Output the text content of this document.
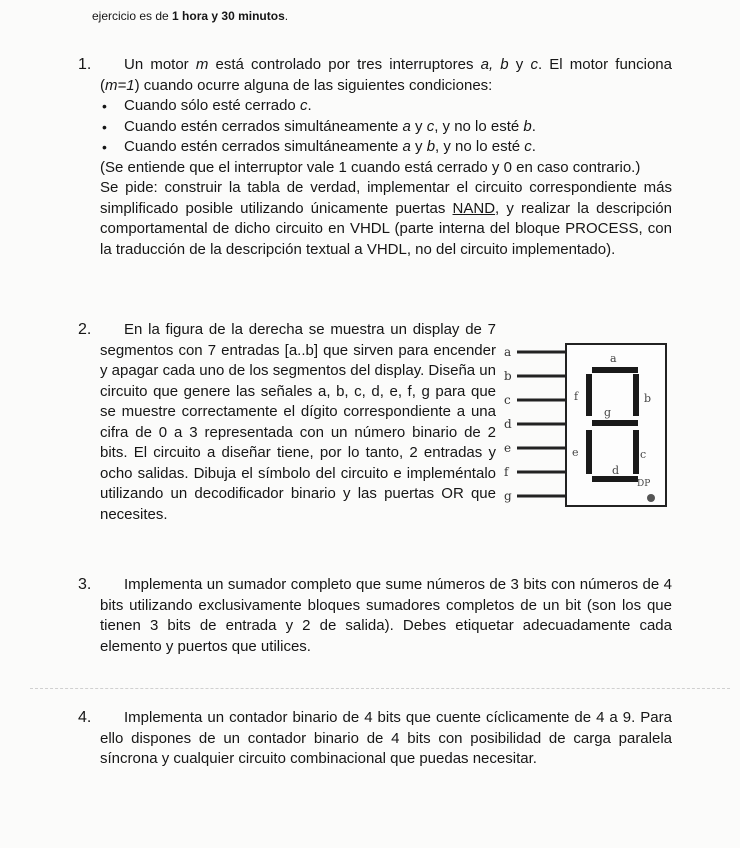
ejercicio es de 1 hora y 30 minutos.
1.	Un motor m está controlado por tres interruptores a, b y c. El motor funciona (m=1) cuando ocurre alguna de las siguientes condiciones:
• Cuando sólo esté cerrado c.
• Cuando estén cerrados simultáneamente a y c, y no lo esté b.
• Cuando estén cerrados simultáneamente a y b, y no lo esté c.
(Se entiende que el interruptor vale 1 cuando está cerrado y 0 en caso contrario.)
Se pide: construir la tabla de verdad, implementar el circuito correspondiente más simplificado posible utilizando únicamente puertas NAND, y realizar la descripción comportamental de dicho circuito en VHDL (parte interna del bloque PROCESS, con la traducción de la descripción textual a VHDL, no del circuito implementado).
2.	En la figura de la derecha se muestra un display de 7 segmentos con 7 entradas [a..b] que sirven para encender y apagar cada uno de los segmentos del display. Diseña un circuito que genere las señales a, b, c, d, e, f, g para que se muestre correctamente el dígito correspondiente a una cifra de 0 a 3 representada con un número binario de 2 bits. El circuito a diseñar tiene, por lo tanto, 2 entradas y ocho salidas. Dibuja el símbolo del circuito e impleméntalo utilizando un decodificador binario y las puertas OR que necesites.
a
b
c
d
e
f
g
a
b
c
d
e
f
g
DP
3.	Implementa un sumador completo que sume números de 3 bits con números de 4 bits utilizando exclusivamente bloques sumadores completos de un bit (son los que tienen 3 bits de entrada y 2 de salida). Debes etiquetar adecuadamente cada elemento y puertos que utilices.
4.	Implementa un contador binario de 4 bits que cuente cíclicamente de 4 a 9. Para ello dispones de un contador binario de 4 bits con posibilidad de carga paralela síncrona y cualquier circuito combinacional que puedas necesitar.
